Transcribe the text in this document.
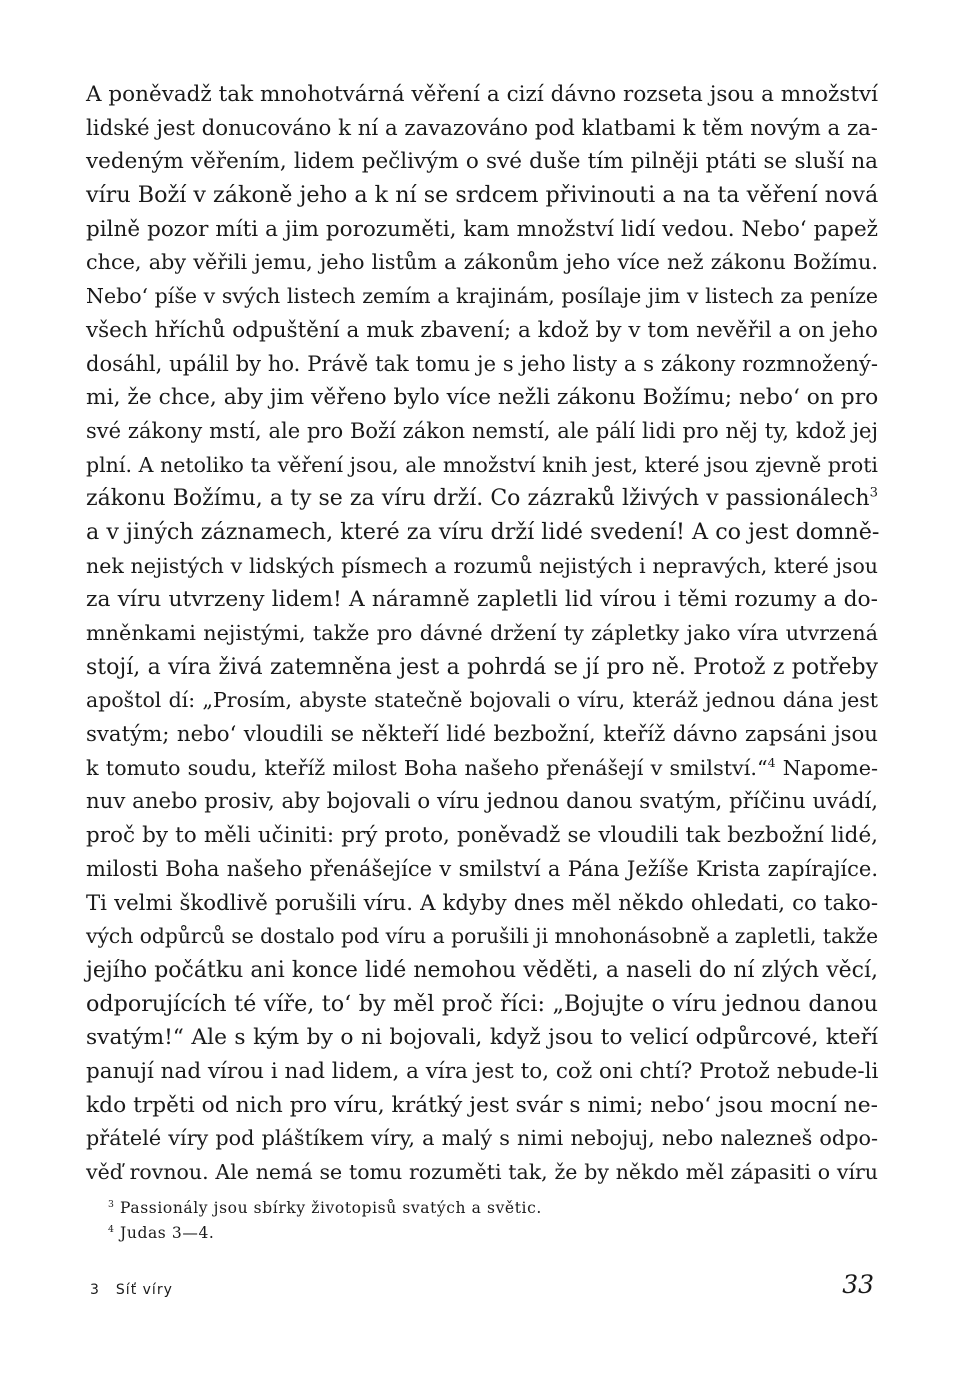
A poněvadž tak mnohotvárná věření a cizí dávno rozseta jsou a množství
lidské jest donucováno k ní a zavazováno pod klatbami k těm novým a za-
vedeným věřením, lidem pečlivým o své duše tím pilněji ptáti se sluší na
víru Boží v zákoně jeho a k ní se srdcem přivinouti a na ta věření nová
pilně pozor míti a jim porozuměti, kam množství lidí vedou. Nebo‘ papež
chce, aby věřili jemu, jeho listům a zákonům jeho více než zákonu Božímu.
Nebo‘ píše v svých listech zemím a krajinám, posílaje jim v listech za peníze
všech hříchů odpuštění a muk zbavení; a kdož by v tom nevěřil a on jeho
dosáhl, upálil by ho. Právě tak tomu je s jeho listy a s zákony rozmnožený-
mi, že chce, aby jim věřeno bylo více nežli zákonu Božímu; nebo‘ on pro
své zákony mstí, ale pro Boží zákon nemstí, ale pálí lidi pro něj ty, kdož jej
plní. A netoliko ta věření jsou, ale množství knih jest, které jsou zjevně proti
zákonu Božímu, a ty se za víru drží. Co zázraků lživých v passionálech$^3$
a v jiných záznamech, které za víru drží lidé svedení! A co jest domně-
nek nejistých v lidských písmech a rozumů nejistých i nepravých, které jsou
za víru utvrzeny lidem! A náramně zapletli lid vírou i těmi rozumy a do-
mněnkami nejistými, takže pro dávné držení ty zápletky jako víra utvrzená
stojí, a víra živá zatemněna jest a pohrdá se jí pro ně. Protož z potřeby
apoštol dí: „Prosím, abyste statečně bojovali o víru, kteráž jednou dána jest
svatým; nebo‘ vloudili se někteří lidé bezbožní, kteříž dávno zapsáni jsou
k tomuto soudu, kteříž milost Boha našeho přenášejí v smilství.“$^4$ Napome-
nuv anebo prosiv, aby bojovali o víru jednou danou svatým, příčinu uvádí,
proč by to měli učiniti: prý proto, poněvadž se vloudili tak bezbožní lidé,
milosti Boha našeho přenášejíce v smilství a Pána Ježíše Krista zapírajíce.
Ti velmi škodlivě porušili víru. A kdyby dnes měl někdo ohledati, co tako-
vých odpůrců se dostalo pod víru a porušili ji mnohonásobně a zapletli, takže
jejího počátku ani konce lidé nemohou věděti, a naseli do ní zlých věcí,
odporujících té víře, to‘ by měl proč říci: „Bojujte o víru jednou danou
svatým!“ Ale s kým by o ni bojovali, když jsou to velicí odpůrcové, kteří
panují nad vírou i nad lidem, a víra jest to, což oni chtí? Protož nebude-li
kdo trpěti od nich pro víru, krátký jest svár s nimi; nebo‘ jsou mocní ne-
přátelé víry pod pláštíkem víry, a malý s nimi nebojuj, nebo nalezneš odpo-
věď rovnou. Ale nemá se tomu rozuměti tak, že by někdo měl zápasiti o víru
$^3$ Passionály jsou sbírky životopisů svatých a světic.
$^4$ Judas 3—4.
3 Síť víry	33
